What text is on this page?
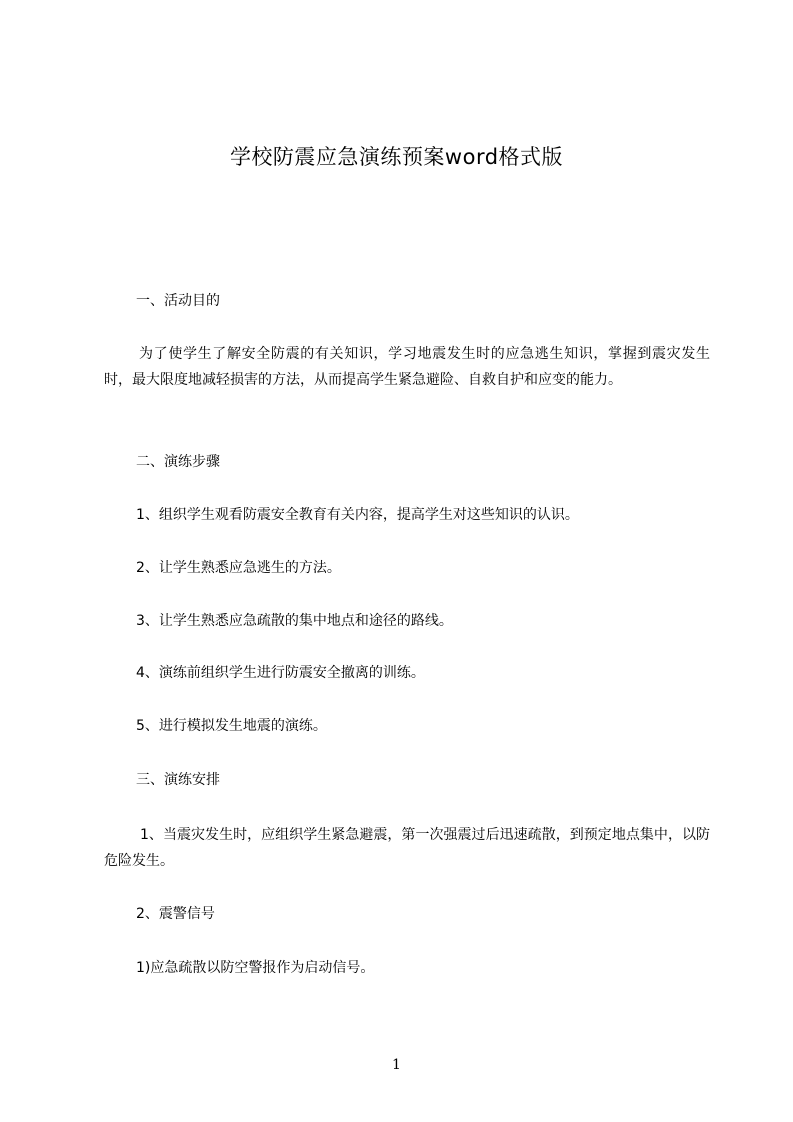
学校防震应急演练预案word格式版
一、活动目的
为了使学生了解安全防震的有关知识，学习地震发生时的应急逃生知识，掌握到震灾发生时，最大限度地减轻损害的方法，从而提高学生紧急避险、自救自护和应变的能力。
二、演练步骤
1、组织学生观看防震安全教育有关内容，提高学生对这些知识的认识。
2、让学生熟悉应急逃生的方法。
3、让学生熟悉应急疏散的集中地点和途径的路线。
4、演练前组织学生进行防震安全撤离的训练。
5、进行模拟发生地震的演练。
三、演练安排
1、当震灾发生时，应组织学生紧急避震，第一次强震过后迅速疏散，到预定地点集中，以防危险发生。
2、震警信号
1)应急疏散以防空警报作为启动信号。
1
